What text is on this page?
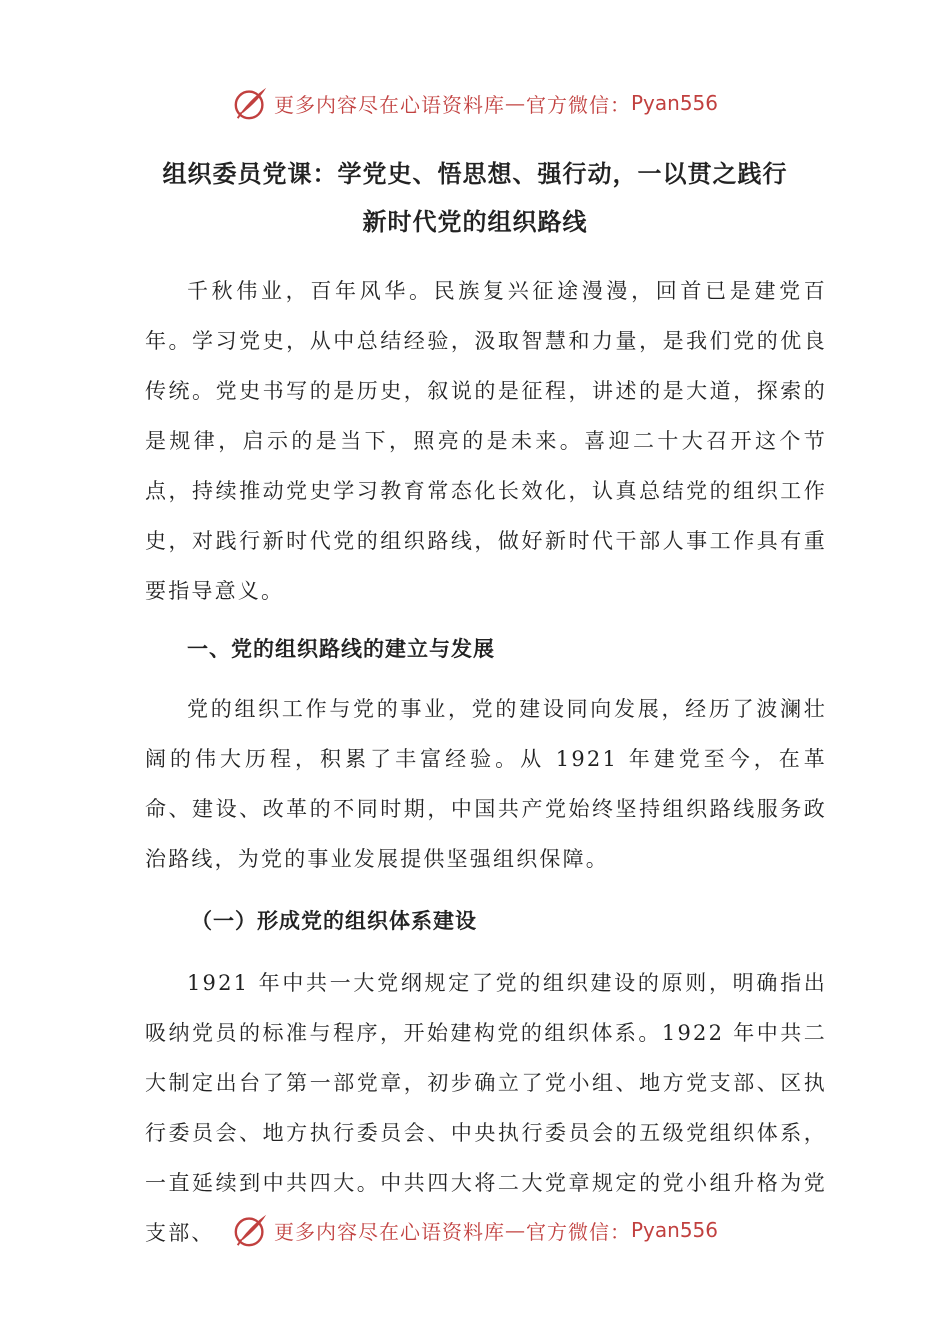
更多内容尽在心语资料库 — 官方微信： Pyan556
组织委员党课：学党史、悟思想、强行动，一以贯之践行
新时代党的组织路线

千秋伟业，百年风华。民族复兴征途漫漫，回首已是建党百年。学习党史，从中总结经验，汲取智慧和力量，是我们党的优良传统。党史书写的是历史，叙说的是征程，讲述的是大道，探索的是规律，启示的是当下，照亮的是未来。喜迎二十大召开这个节点，持续推动党史学习教育常态化长效化，认真总结党的组织工作史，对践行新时代党的组织路线，做好新时代干部人事工作具有重要指导意义。

一、党的组织路线的建立与发展

党的组织工作与党的事业，党的建设同向发展，经历了波澜壮阔的伟大历程，积累了丰富经验。从 1921 年建党至今，在革命、建设、改革的不同时期，中国共产党始终坚持组织路线服务政治路线，为党的事业发展提供坚强组织保障。

（一）形成党的组织体系建设

1921 年中共一大党纲规定了党的组织建设的原则，明确指出吸纳党员的标准与程序，开始建构党的组织体系。1922 年中共二大制定出台了第一部党章，初步确立了党小组、地方党支部、区执行委员会、地方执行委员会、中央执行委员会的五级党组织体系，一直延续到中共四大。中共四大将二大党章规定的党小组升格为党支部、	更多内容尽在心语资料库 — 官方微信： Pyan556
